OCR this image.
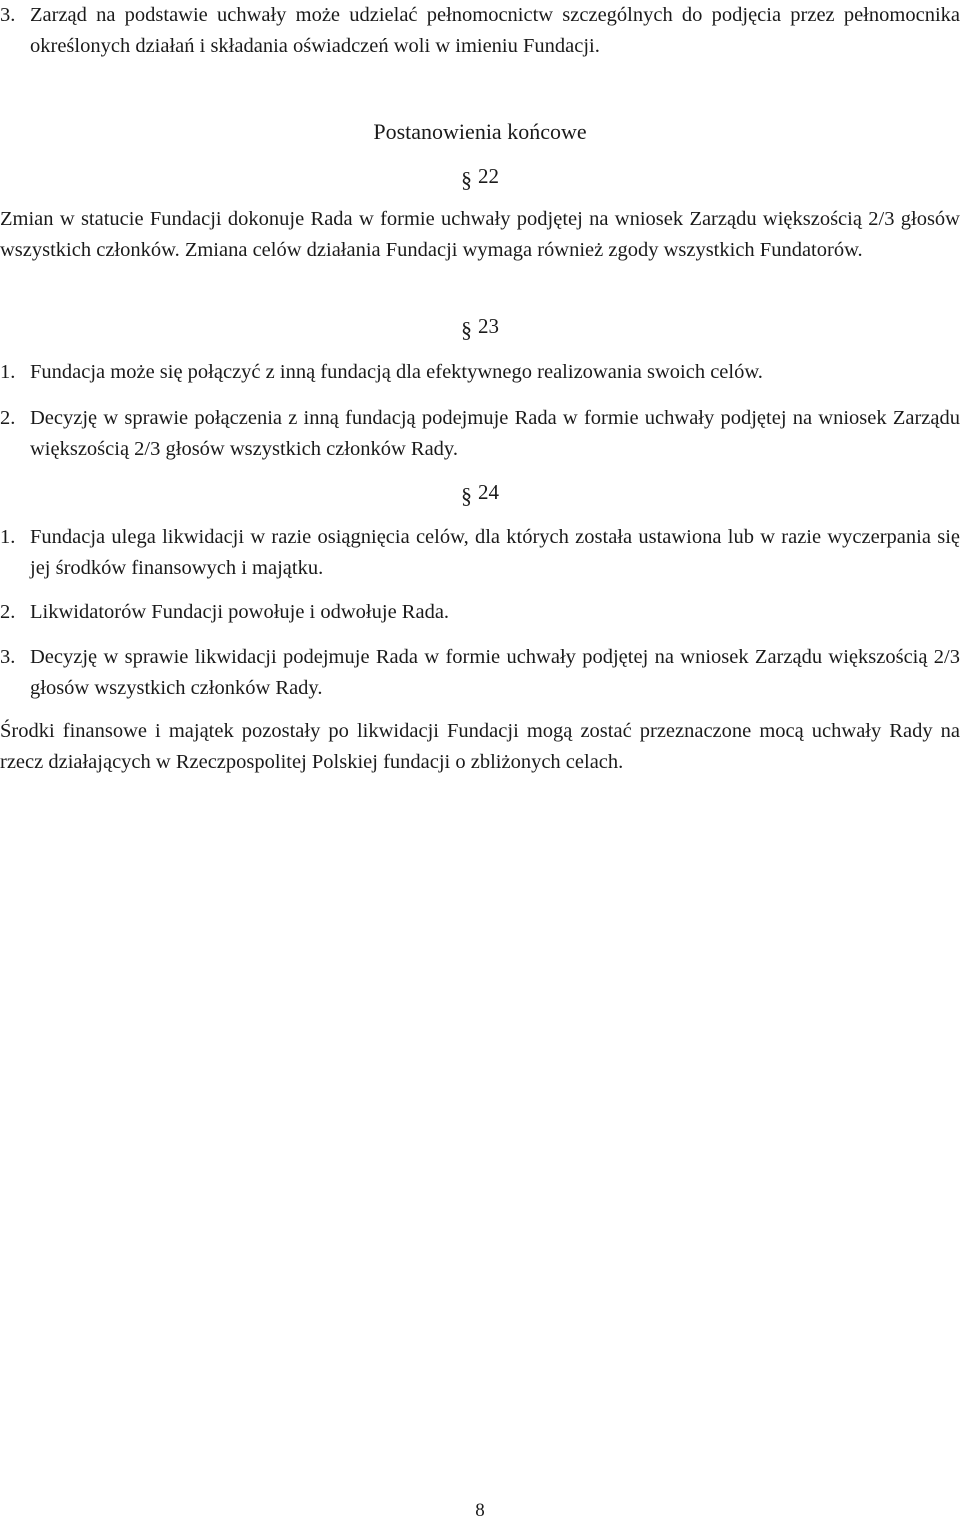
3. Zarząd na podstawie uchwały może udzielać pełnomocnictw szczególnych do podjęcia przez pełnomocnika określonych działań i składania oświadczeń woli w imieniu Fundacji.

Postanowienia końcowe

§ 22

Zmian w statucie Fundacji dokonuje Rada w formie uchwały podjętej na wniosek Zarządu większością 2/3 głosów wszystkich członków. Zmiana celów działania Fundacji wymaga również zgody wszystkich Fundatorów.

§ 23

1. Fundacja może się połączyć z inną fundacją dla efektywnego realizowania swoich celów.
2. Decyzję w sprawie połączenia z inną fundacją podejmuje Rada w formie uchwały podjętej na wniosek Zarządu większością 2/3 głosów wszystkich członków Rady.

§ 24

1. Fundacja ulega likwidacji w razie osiągnięcia celów, dla których została ustawiona lub w razie wyczerpania się jej środków finansowych i majątku.
2. Likwidatorów Fundacji powołuje i odwołuje Rada.
3. Decyzję w sprawie likwidacji podejmuje Rada w formie uchwały podjętej na wniosek Zarządu większością 2/3 głosów wszystkich członków Rady.

Środki finansowe i majątek pozostały po likwidacji Fundacji mogą zostać przeznaczone mocą uchwały Rady na rzecz działających w Rzeczpospolitej Polskiej fundacji o zbliżonych celach.

8
